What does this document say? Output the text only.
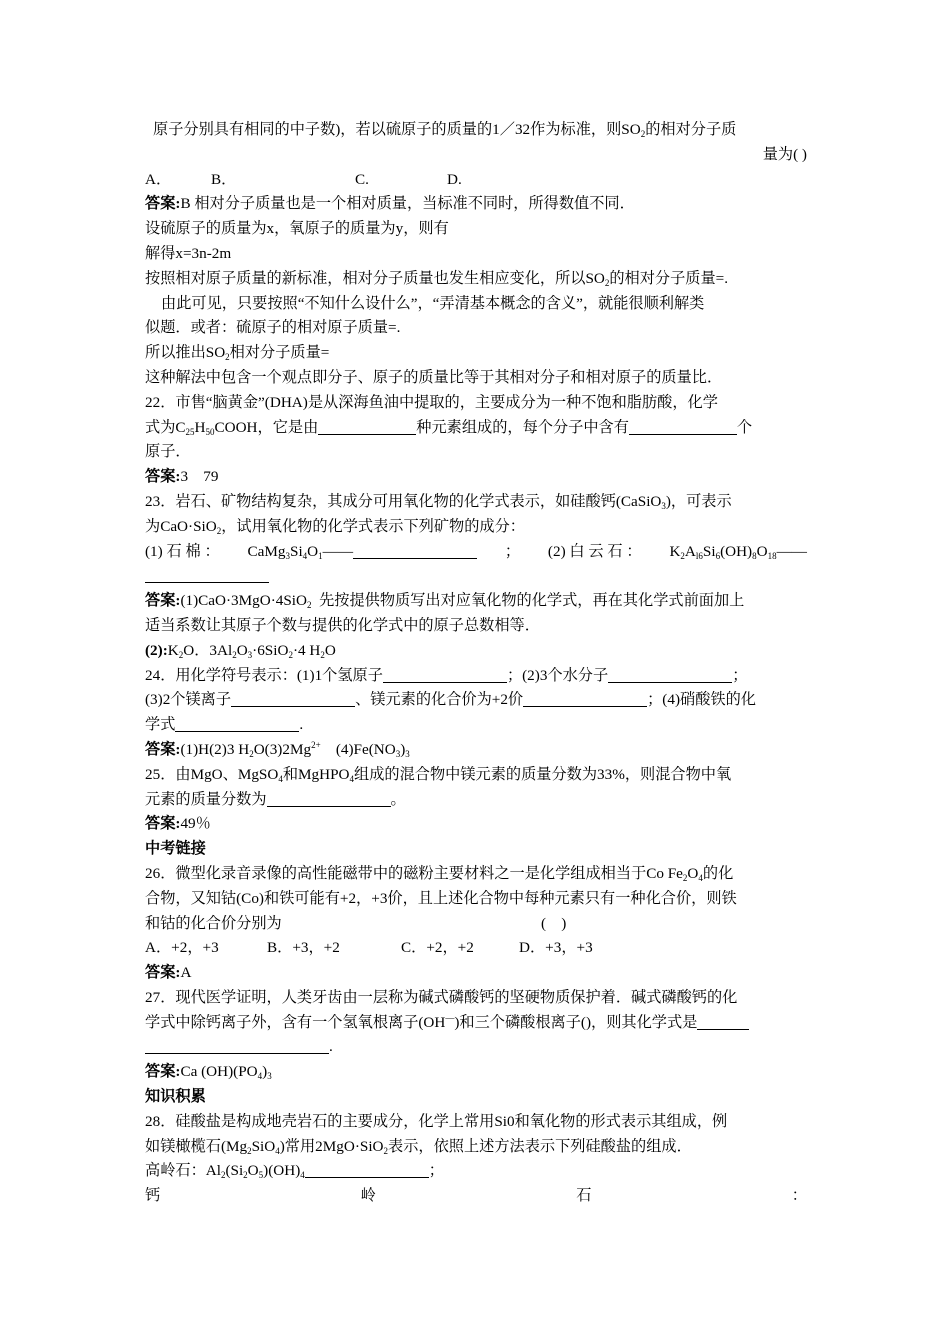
原子分别具有相同的中子数)，若以硫原子的质量的1／32作为标准，则$SO_2$的相对分子质
量为( )
A．	B．	C.	D.
答案:B 相对分子质量也是一个相对质量，当标准不同时，所得数值不同．
设硫原子的质量为x，氧原子的质量为y，则有
解得x=3n-2m
按照相对原子质量的新标准，相对分子质量也发生相应变化，所以$SO_2$的相对分子质量=.
由此可见，只要按照“不知什么设什么”，“弄清基本概念的含义”，就能很顺利解类
似题．或者：硫原子的相对原子质量=.
所以推出$SO_2$相对分子质量=
这种解法中包含一个观点即分子、原子的质量比等于其相对分子和相对原子的质量比．
22．市售“脑黄金”(DHA)是从深海鱼油中提取的，主要成分为一种不饱和脂肪酸，化学
式为$C_{25}H_{50}COOH$，它是由	种元素组成的，每个分子中含有	个
原子．
答案:3    79
23．岩石、矿物结构复杂，其成分可用氧化物的化学式表示，如硅酸钙(CaSiO$_3$)，可表示
为CaO·SiO$_2$，试用氧化物的化学式表示下列矿物的成分：
(1) 石 棉 ： $CaMg_3Si_4O_1——$	； (2) 白 云 石 ： $K_2A_{l6}Si_6(OH)_8O_{18}——$
答案:(1)CaO·3MgO·4SiO$_2$  先按提供物质写出对应氧化物的化学式，再在其化学式前面加上
适当系数让其原子个数与提供的化学式中的原子总数相等．
$(2):K_2O$．$3Al_2O_3\cdot 6SiO_2\cdot 4$ $H_2O$
24．用化学符号表示：(1)1个氢原子	；(2)3个水分子	；
(3)2个镁离子	、镁元素的化合价为+2价	；(4)硝酸铁的化
学式	.
答案:(1)H(2)3 $H_2O(3)2Mg^{2+}$    $(4)Fe(NO_3)_3$
25．由MgO、MgSO$_4$和MgHPO$_4$组成的混合物中镁元素的质量分数为33%，则混合物中氧
元素的质量分数为	。
答案:49％
中考链接
26．微型化录音录像的高性能磁带中的磁粉主要材料之一是化学组成相当于Co $Fe_2O_4$的化
合物，又知钴(Co)和铁可能有+2，+3价，且上述化合物中每种元素只有一种化合价，则铁
和钴的化合价分别为	(    )
A．+2，+3	B．+3，+2	C．+2，+2	D．+3，+3
答案:A
27．现代医学证明，人类牙齿由一层称为碱式磷酸钙的坚硬物质保护着．碱式磷酸钙的化
学式中除钙离子外，含有一个氢氧根离子(OH—)和三个磷酸根离子()，则其化学式是
.
答案:Ca $(OH)(PO_4)_3$
知识积累
28．硅酸盐是构成地壳岩石的主要成分，化学上常用Si0和氧化物的形式表示其组成，例
如镁橄榄石$(Mg_2SiO_4)$常用2MgO·SiO$_2$表示，依照上述方法表示下列硅酸盐的组成．
高岭石：$Al_2(Si_2O_5)(OH)_4$	；
钙	岭	石	：
